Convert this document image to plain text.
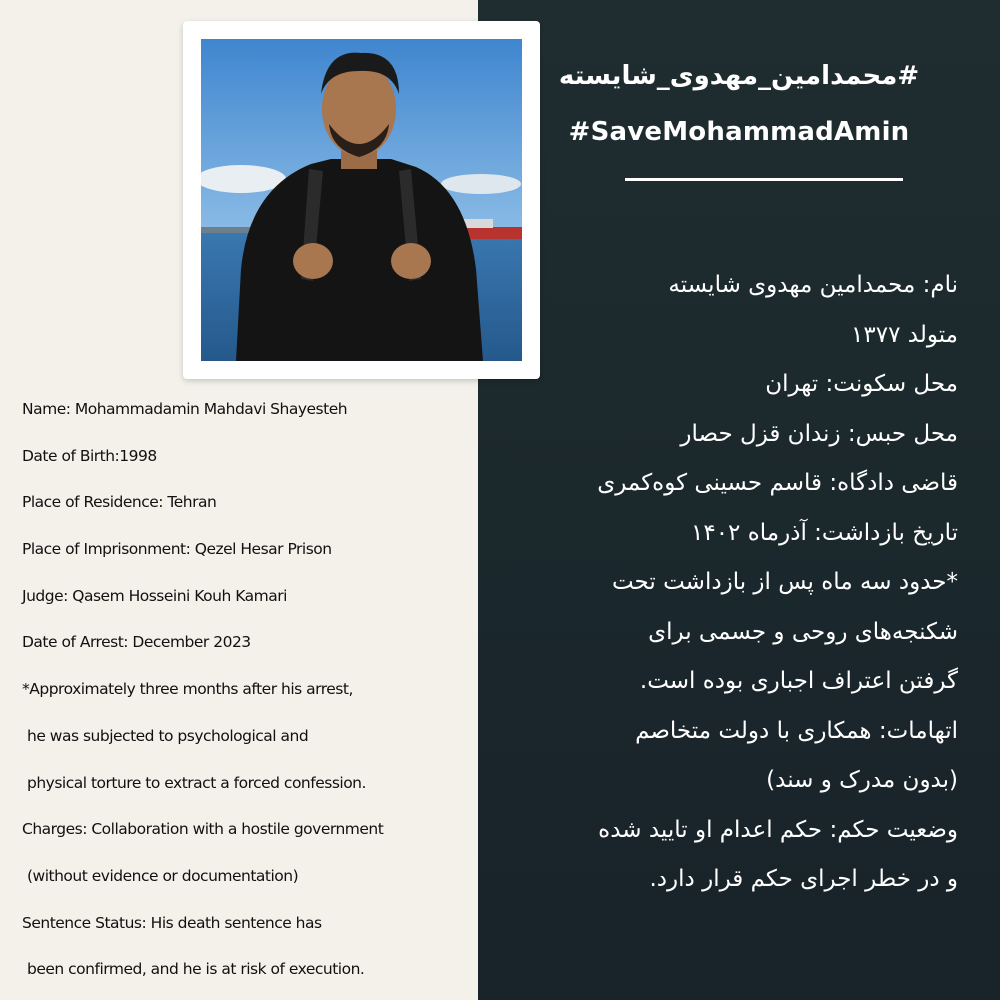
Name: Mohammadamin Mahdavi Shayesteh
Date of Birth:1998
Place of Residence: Tehran
Place of Imprisonment: Qezel Hesar Prison
Judge: Qasem Hosseini Kouh Kamari
Date of Arrest: December 2023
*Approximately three months after his arrest,
he was subjected to psychological and
physical torture to extract a forced confession.
Charges: Collaboration with a hostile government
(without evidence or documentation)
Sentence Status: His death sentence has
been confirmed, and he is at risk of execution.
#محمدامین_مهدوی_شایسته
#SaveMohammadAmin
نام: محمدامین مهدوی شایسته
متولد ۱۳۷۷
محل سکونت: تهران
محل حبس: زندان قزل حصار
قاضی دادگاه: قاسم حسینی کوه‌کمری
تاریخ بازداشت: آذرماه ۱۴۰۲
*حدود سه ماه پس از بازداشت تحت
شکنجه‌های روحی و جسمی برای
گرفتن اعتراف اجباری بوده است.
اتهامات: همکاری با دولت متخاصم
(بدون مدرک و سند)
وضعیت حکم: حکم اعدام او تایید شده
و در خطر اجرای حکم قرار دارد.
